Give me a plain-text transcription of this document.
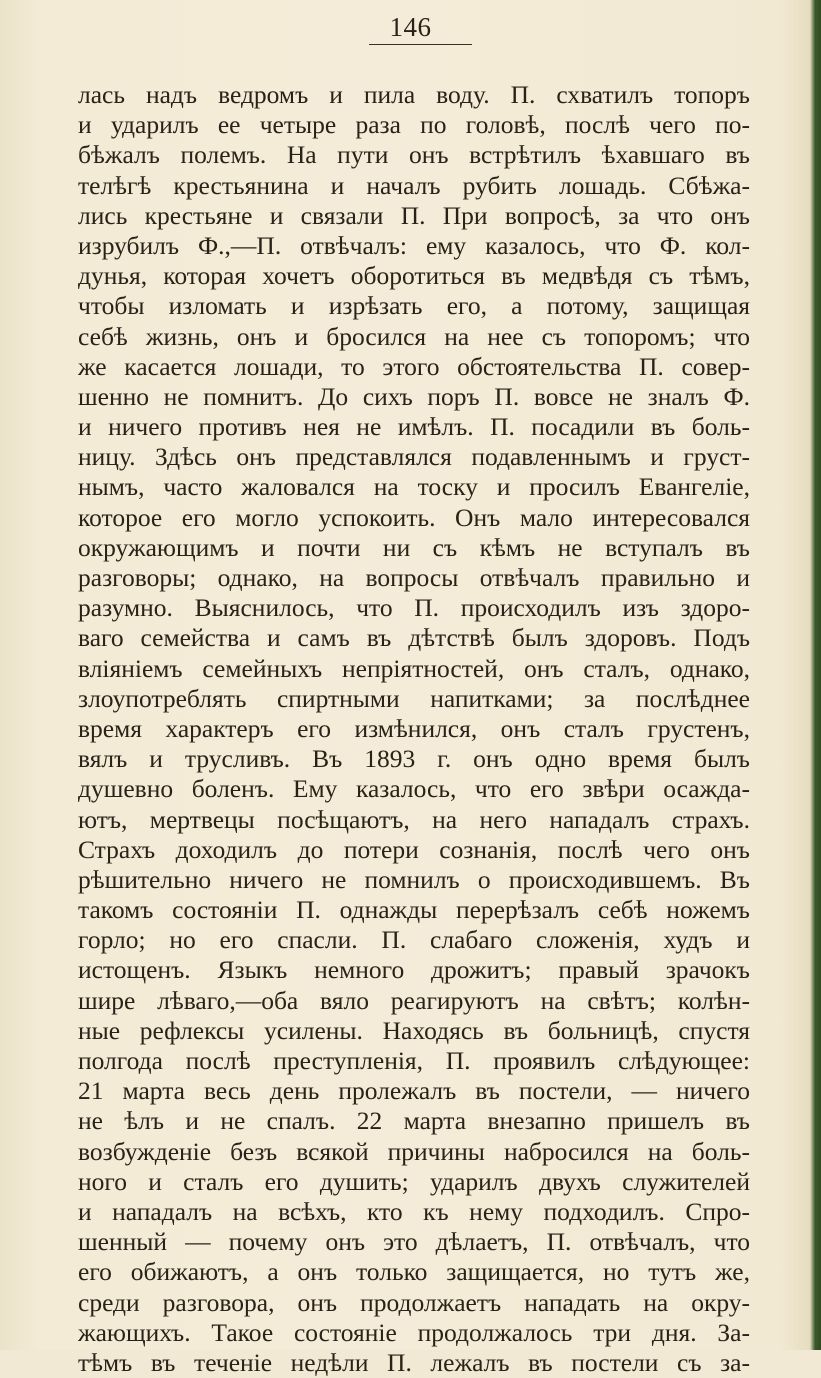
146
лась надъ ведромъ и пила воду. П. схватилъ топоръ
и ударилъ ее четыре раза по головѣ, послѣ чего по-
бѣжалъ полемъ. На пути онъ встрѣтилъ ѣхавшаго въ
телѣгѣ крестьянина и началъ рубить лошадь. Сбѣжа-
лись крестьяне и связали П. При вопросѣ, за что онъ
изрубилъ Ф.,—П. отвѣчалъ: ему казалось, что Ф. кол-
дунья, которая хочетъ оборотиться въ медвѣдя съ тѣмъ,
чтобы изломать и изрѣзать его, а потому, защищая
себѣ жизнь, онъ и бросился на нее съ топоромъ; что
же касается лошади, то этого обстоятельства П. совер-
шенно не помнитъ. До сихъ поръ П. вовсе не зналъ Ф.
и ничего противъ нея не имѣлъ. П. посадили въ боль-
ницу. Здѣсь онъ представлялся подавленнымъ и груст-
нымъ, часто жаловался на тоску и просилъ Евангеліе,
которое его могло успокоить. Онъ мало интересовался
окружающимъ и почти ни съ кѣмъ не вступалъ въ
разговоры; однако, на вопросы отвѣчалъ правильно и
разумно. Выяснилось, что П. происходилъ изъ здоро-
ваго семейства и самъ въ дѣтствѣ былъ здоровъ. Подъ
вліяніемъ семейныхъ непріятностей, онъ сталъ, однако,
злоупотреблять спиртными напитками; за послѣднее
время характеръ его измѣнился, онъ сталъ грустенъ,
вялъ и трусливъ. Въ 1893 г. онъ одно время былъ
душевно боленъ. Ему казалось, что его звѣри осажда-
ютъ, мертвецы посѣщаютъ, на него нападалъ страхъ.
Страхъ доходилъ до потери сознанія, послѣ чего онъ
рѣшительно ничего не помнилъ о происходившемъ. Въ
такомъ состояніи П. однажды перерѣзалъ себѣ ножемъ
горло; но его спасли. П. слабаго сложенія, худъ и
истощенъ. Языкъ немного дрожитъ; правый зрачокъ
шире лѣваго,—оба вяло реагируютъ на свѣтъ; колѣн-
ные рефлексы усилены. Находясь въ больницѣ, спустя
полгода послѣ преступленія, П. проявилъ слѣдующее:
21 марта весь день пролежалъ въ постели, — ничего
не ѣлъ и не спалъ. 22 марта внезапно пришелъ въ
возбужденіе безъ всякой причины набросился на боль-
ного и сталъ его душить; ударилъ двухъ служителей
и нападалъ на всѣхъ, кто къ нему подходилъ. Спро-
шенный — почему онъ это дѣлаетъ, П. отвѣчалъ, что
его обижаютъ, а онъ только защищается, но тутъ же,
среди разговора, онъ продолжаетъ нападать на окру-
жающихъ. Такое состояніе продолжалось три дня. За-
тѣмъ въ теченіе недѣли П. лежалъ въ постели съ за-
